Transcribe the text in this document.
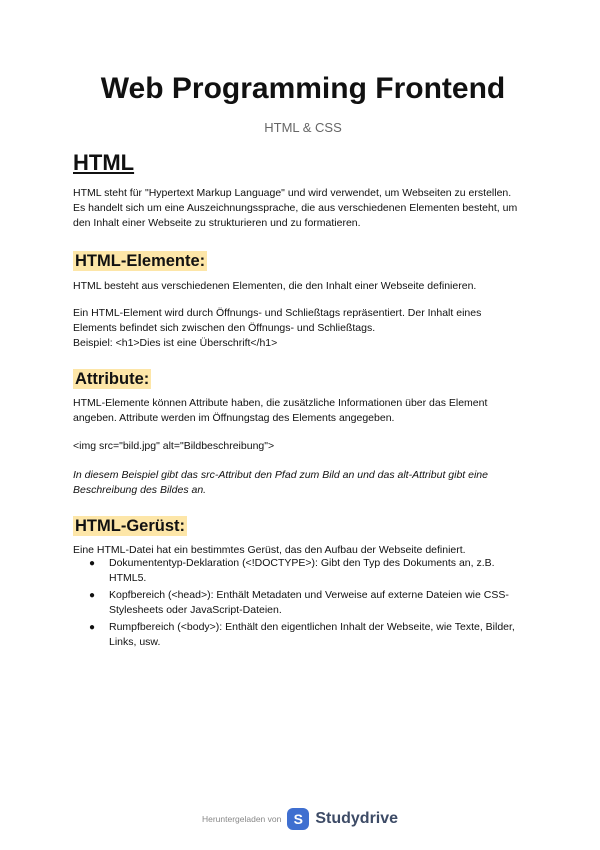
Web Programming Frontend

HTML & CSS

HTML

HTML steht für "Hypertext Markup Language" und wird verwendet, um Webseiten zu erstellen. Es handelt sich um eine Auszeichnungssprache, die aus verschiedenen Elementen besteht, um den Inhalt einer Webseite zu strukturieren und zu formatieren.

HTML-Elemente:

HTML besteht aus verschiedenen Elementen, die den Inhalt einer Webseite definieren.

Ein HTML-Element wird durch Öffnungs- und Schließtags repräsentiert. Der Inhalt eines Elements befindet sich zwischen den Öffnungs- und Schließtags.

Beispiel: <h1>Dies ist eine Überschrift</h1>

Attribute:

HTML-Elemente können Attribute haben, die zusätzliche Informationen über das Element angeben. Attribute werden im Öffnungstag des Elements angegeben.

<img src="bild.jpg" alt="Bildbeschreibung">

In diesem Beispiel gibt das src-Attribut den Pfad zum Bild an und das alt-Attribut gibt eine Beschreibung des Bildes an.

HTML-Gerüst:

Eine HTML-Datei hat ein bestimmtes Gerüst, das den Aufbau der Webseite definiert.

● Dokumententyp-Deklaration (<!DOCTYPE>): Gibt den Typ des Dokuments an, z.B. HTML5.
● Kopfbereich (<head>): Enthält Metadaten und Verweise auf externe Dateien wie CSS-Stylesheets oder JavaScript-Dateien.
● Rumpfbereich (<body>): Enthält den eigentlichen Inhalt der Webseite, wie Texte, Bilder, Links, usw.
Heruntergeladen von S Studydrive
